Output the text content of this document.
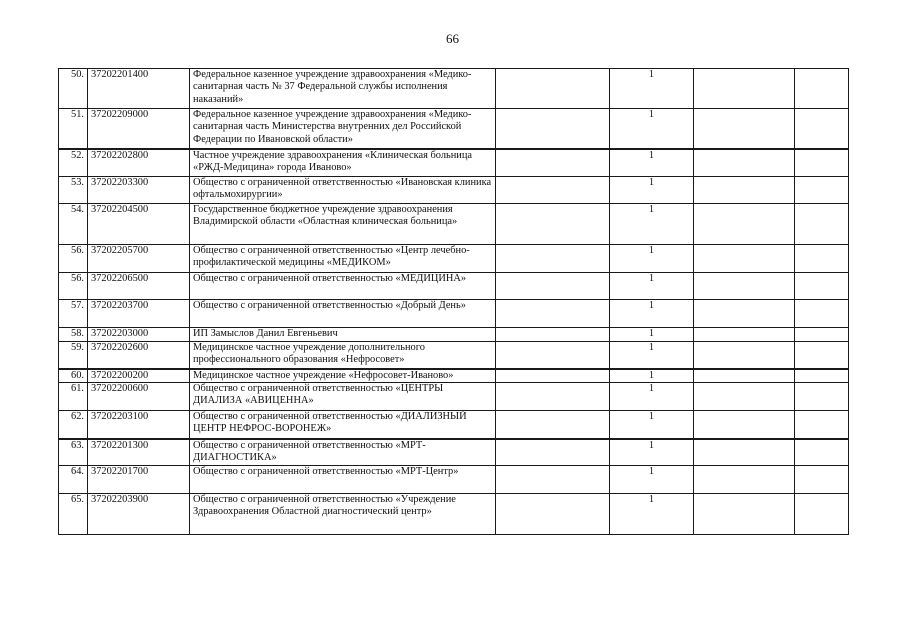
66
50.	37202201400	Федеральное казенное учреждение здравоохранения «Медико-санитарная часть № 37 Федеральной службы исполнения наказаний»		1		
51.	37202209000	Федеральное казенное учреждение здравоохранения «Медико-санитарная часть Министерства внутренних дел Российской Федерации по Ивановской области»		1		
52.	37202202800	Частное учреждение здравоохранения «Клиническая больница «РЖД-Медицина» города Иваново»		1		
53.	37202203300	Общество с ограниченной ответственностью «Ивановская клиника офтальмохирургии»		1		
54.	37202204500	Государственное бюджетное учреждение здравоохранения Владимирской области «Областная клиническая больница»		1		
56.	37202205700	Общество с ограниченной ответственностью «Центр лечебно-профилактической медицины «МЕДИКОМ»		1		
56.	37202206500	Общество с ограниченной ответственностью «МЕДИЦИНА»		1		
57.	37202203700	Общество с ограниченной ответственностью «Добрый День»		1		
58.	37202203000	ИП Замыслов Данил Евгеньевич		1		
59.	37202202600	Медицинское частное учреждение дополнительного профессионального образования «Нефросовет»		1		
60.	37202200200	Медицинское частное учреждение «Нефросовет-Иваново»		1		
61.	37202200600	Общество с ограниченной ответственностью «ЦЕНТРЫ ДИАЛИЗА «АВИЦЕННА»		1		
62.	37202203100	Общество с ограниченной ответственностью «ДИАЛИЗНЫЙ ЦЕНТР НЕФРОС-ВОРОНЕЖ»		1		
63.	37202201300	Общество с ограниченной ответственностью «МРТ-ДИАГНОСТИКА»		1		
64.	37202201700	Общество с ограниченной ответственностью «МРТ-Центр»		1		
65.	37202203900	Общество с ограниченной ответственностью «Учреждение Здравоохранения Областной диагностический центр»		1		
